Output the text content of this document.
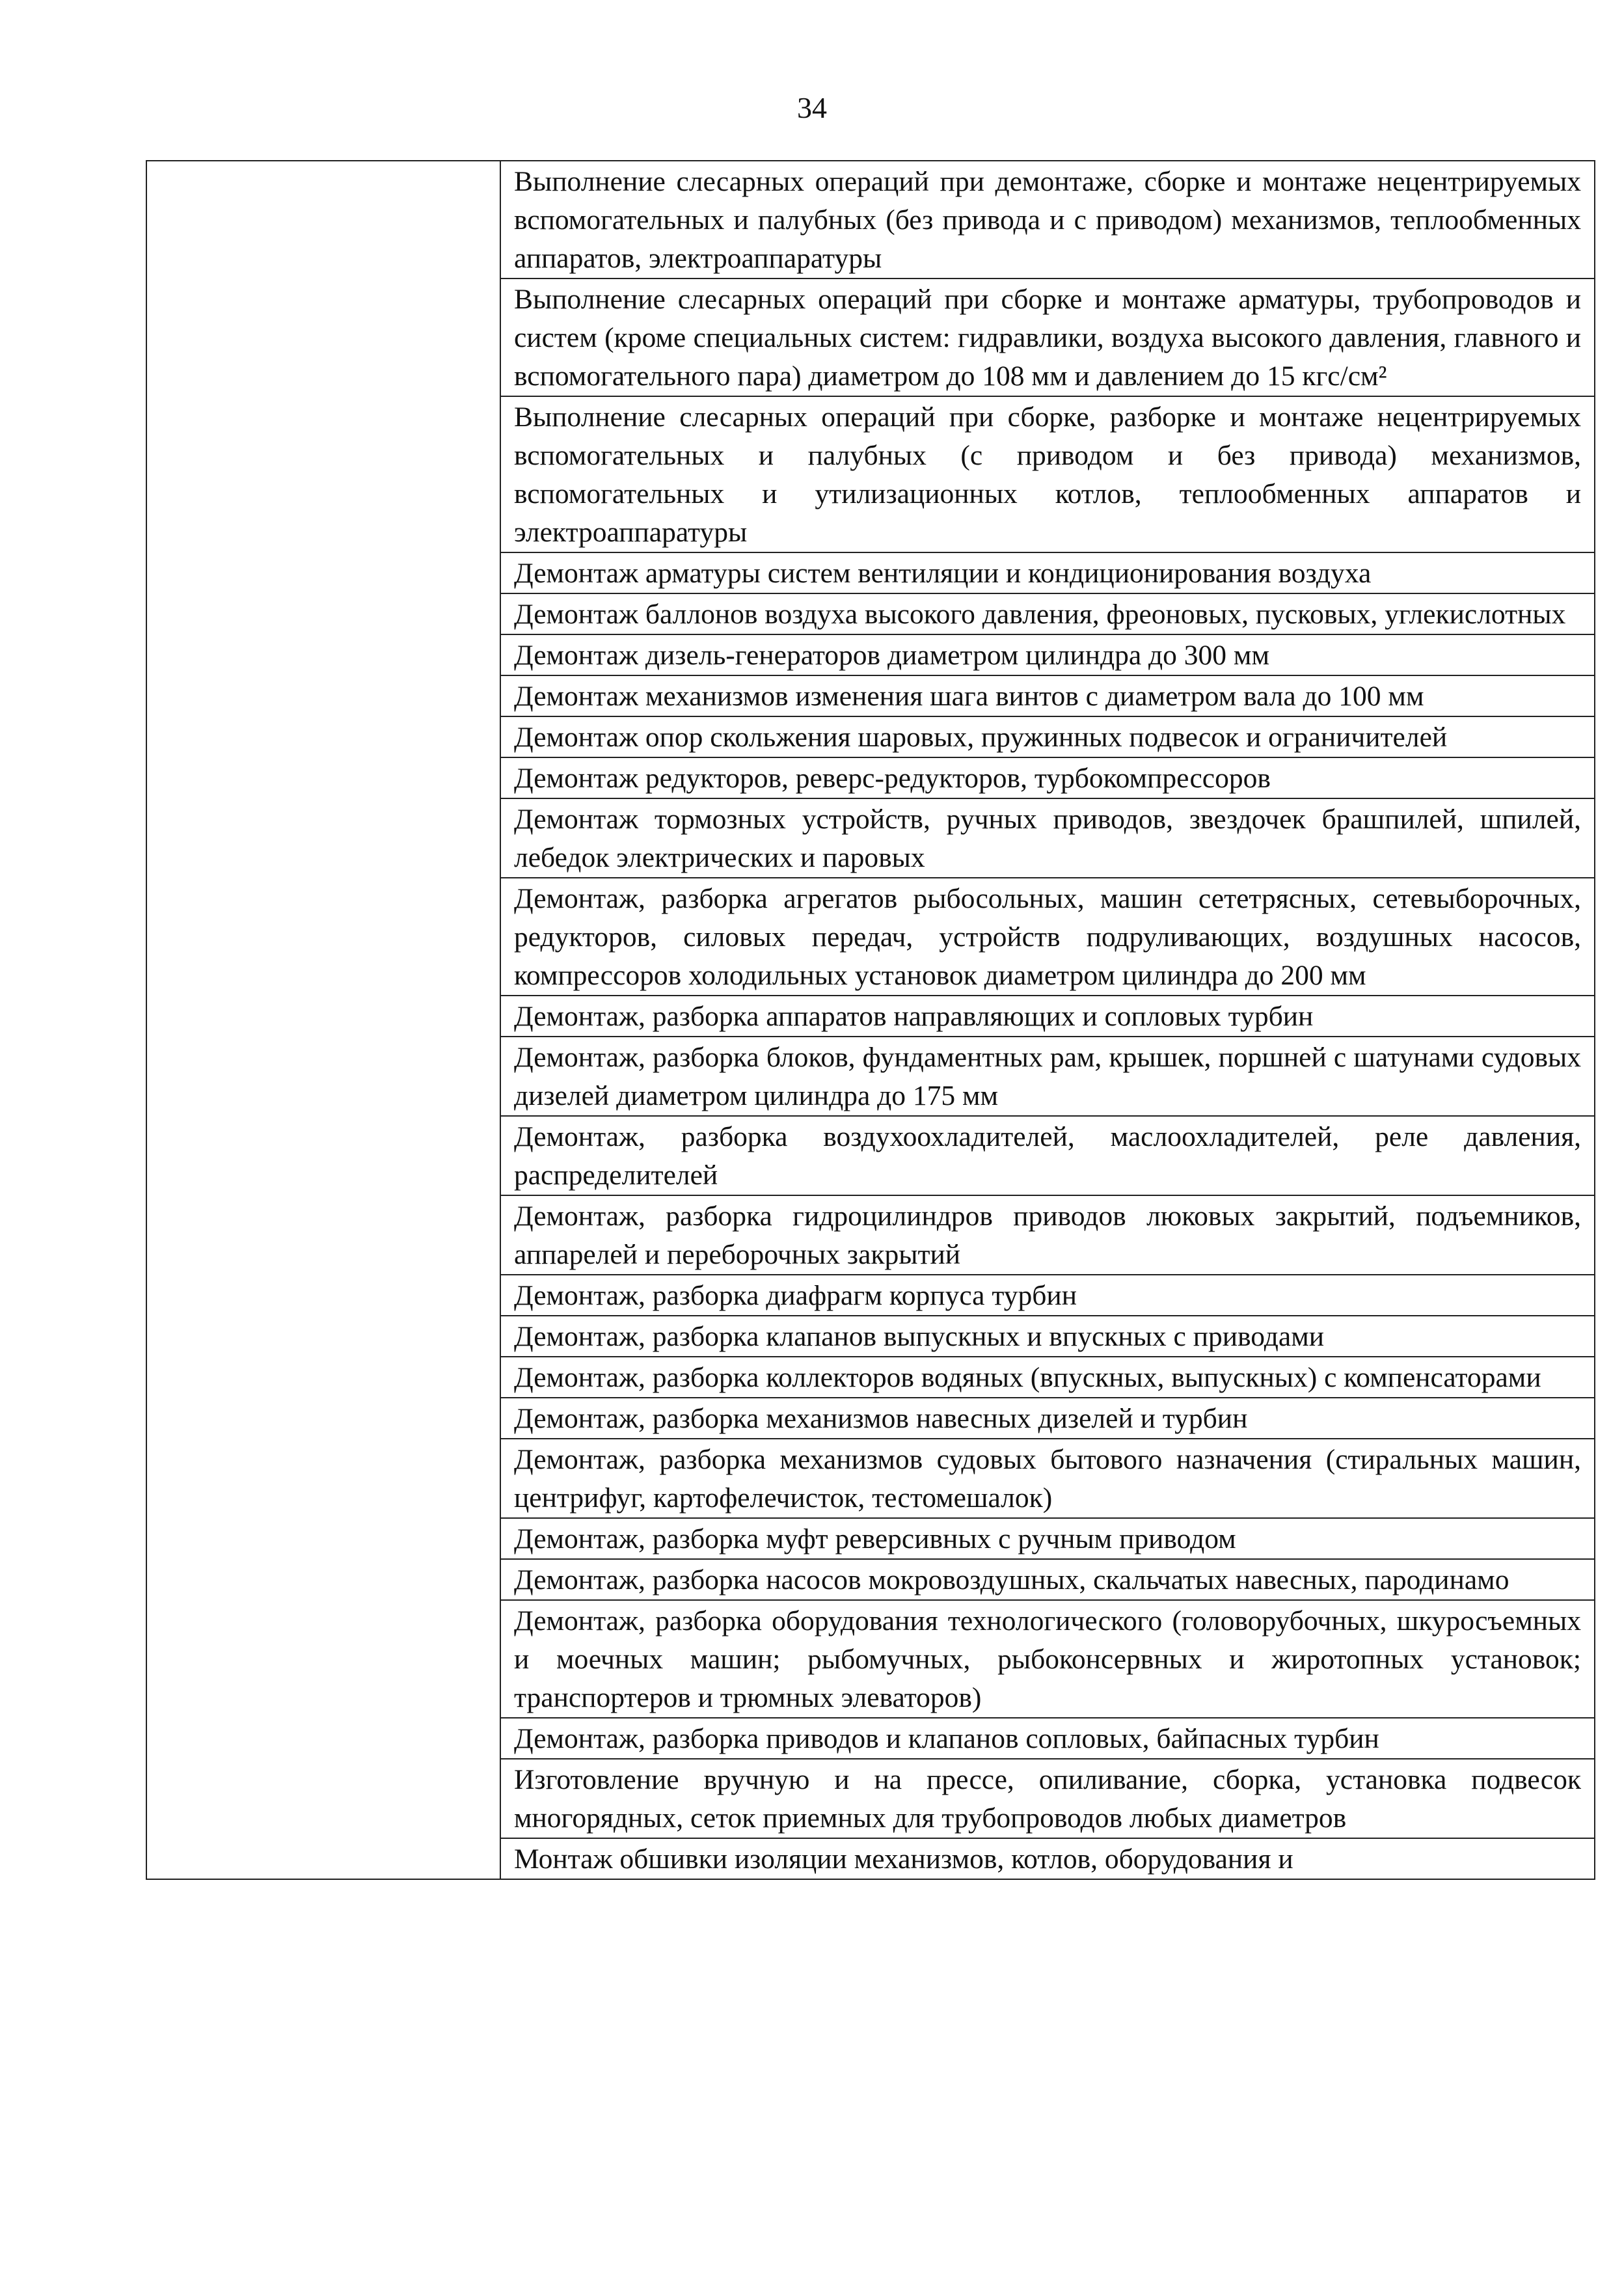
34
	Выполнение слесарных операций при демонтаже, сборке и монтаже нецентрируемых вспомогательных и палубных (без привода и с приводом) механизмов, теплообменных аппаратов, электроаппаратуры
Выполнение слесарных операций при сборке и монтаже арматуры, трубопроводов и систем (кроме специальных систем: гидравлики, воздуха высокого давления, главного и вспомогательного пара) диаметром до 108 мм и давлением до 15 кгс/см²
Выполнение слесарных операций при сборке, разборке и монтаже нецентрируемых вспомогательных и палубных (с приводом и без привода) механизмов, вспомогательных и утилизационных котлов, теплообменных аппаратов и электроаппаратуры
Демонтаж арматуры систем вентиляции и кондиционирования воздуха
Демонтаж баллонов воздуха высокого давления, фреоновых, пусковых, углекислотных
Демонтаж дизель-генераторов диаметром цилиндра до 300 мм
Демонтаж механизмов изменения шага винтов с диаметром вала до 100 мм
Демонтаж опор скольжения шаровых, пружинных подвесок и ограничителей
Демонтаж редукторов, реверс-редукторов, турбокомпрессоров
Демонтаж тормозных устройств, ручных приводов, звездочек брашпилей, шпилей, лебедок электрических и паровых
Демонтаж, разборка агрегатов рыбосольных, машин сететрясных, сетевыборочных, редукторов, силовых передач, устройств подруливающих, воздушных насосов, компрессоров холодильных установок диаметром цилиндра до 200 мм
Демонтаж, разборка аппаратов направляющих и сопловых турбин
Демонтаж, разборка блоков, фундаментных рам, крышек, поршней с шатунами судовых дизелей диаметром цилиндра до 175 мм
Демонтаж, разборка воздухоохладителей, маслоохладителей, реле давления, распределителей
Демонтаж, разборка гидроцилиндров приводов люковых закрытий, подъемников, аппарелей и переборочных закрытий
Демонтаж, разборка диафрагм корпуса турбин
Демонтаж, разборка клапанов выпускных и впускных с приводами
Демонтаж, разборка коллекторов водяных (впускных, выпускных) с компенсаторами
Демонтаж, разборка механизмов навесных дизелей и турбин
Демонтаж, разборка механизмов судовых бытового назначения (стиральных машин, центрифуг, картофелечисток, тестомешалок)
Демонтаж, разборка муфт реверсивных с ручным приводом
Демонтаж, разборка насосов мокровоздушных, скальчатых навесных, пародинамо
Демонтаж, разборка оборудования технологического (головорубочных, шкуросъемных и моечных машин; рыбомучных, рыбоконсервных и жиротопных установок; транспортеров и трюмных элеваторов)
Демонтаж, разборка приводов и клапанов сопловых, байпасных турбин
Изготовление вручную и на прессе, опиливание, сборка, установка подвесок многорядных, сеток приемных для трубопроводов любых диаметров
Монтаж обшивки изоляции механизмов, котлов, оборудования и
